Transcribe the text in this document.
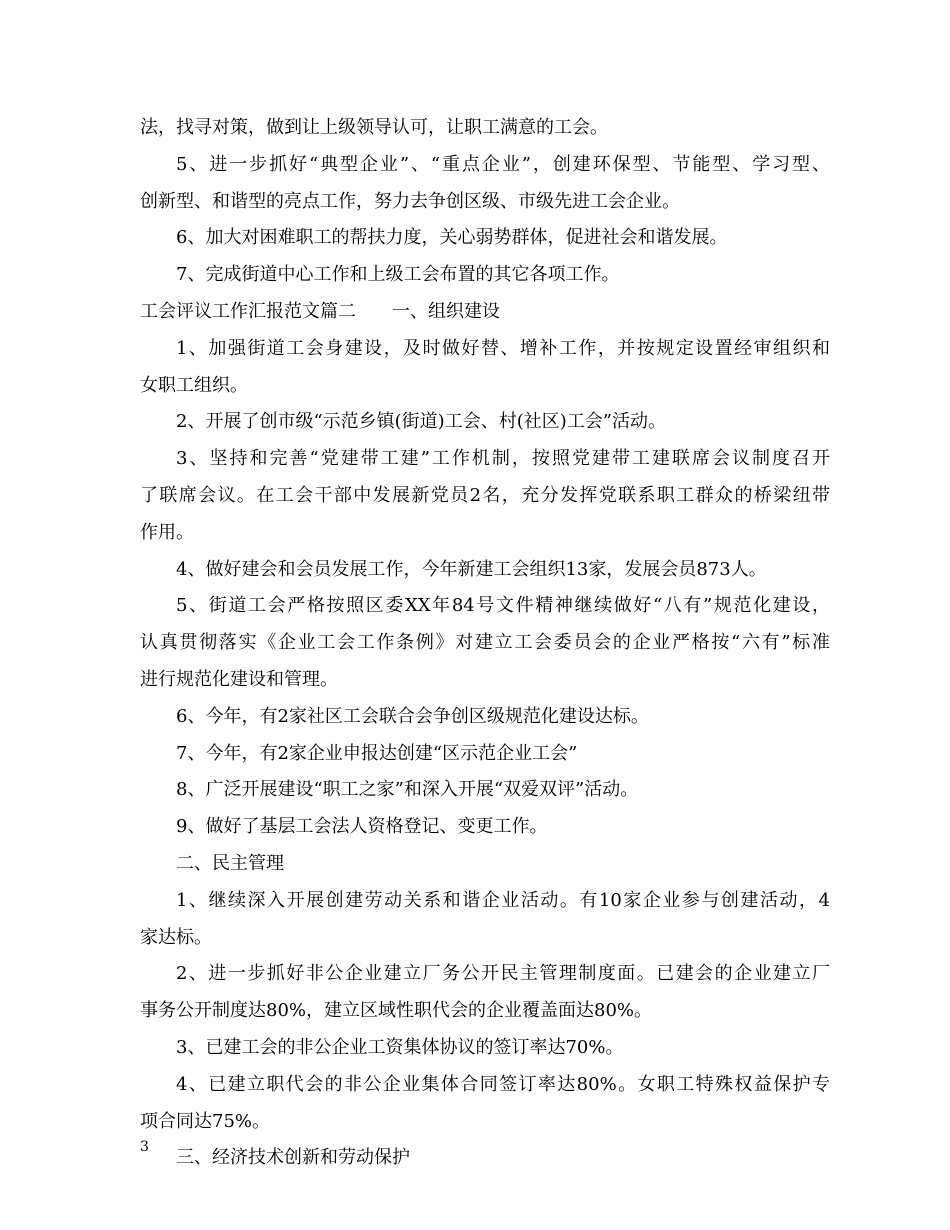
法，找寻对策，做到让上级领导认可，让职工满意的工会。
5、进一步抓好“典型企业”、“重点企业”，创建环保型、节能型、学习型、
创新型、和谐型的亮点工作，努力去争创区级、市级先进工会企业。
6、加大对困难职工的帮扶力度，关心弱势群体，促进社会和谐发展。
7、完成街道中心工作和上级工会布置的其它各项工作。
工会评议工作汇报范文篇二　　一、组织建设
1、加强街道工会身建设，及时做好替、增补工作，并按规定设置经审组织和
女职工组织。
2、开展了创市级“示范乡镇(街道)工会、村(社区)工会”活动。
3、坚持和完善“党建带工建”工作机制，按照党建带工建联席会议制度召开
了联席会议。在工会干部中发展新党员2名，充分发挥党联系职工群众的桥梁纽带
作用。
4、做好建会和会员发展工作，今年新建工会组织13家，发展会员873人。
5、街道工会严格按照区委XX年84号文件精神继续做好“八有”规范化建设，
认真贯彻落实《企业工会工作条例》对建立工会委员会的企业严格按“六有”标准
进行规范化建设和管理。
6、今年，有2家社区工会联合会争创区级规范化建设达标。
7、今年，有2家企业申报达创建“区示范企业工会”
8、广泛开展建设“职工之家”和深入开展“双爱双评”活动。
9、做好了基层工会法人资格登记、变更工作。
二、民主管理
1、继续深入开展创建劳动关系和谐企业活动。有10家企业参与创建活动，4
家达标。
2、进一步抓好非公企业建立厂务公开民主管理制度面。已建会的企业建立厂
事务公开制度达80%，建立区域性职代会的企业覆盖面达80%。
3、已建工会的非公企业工资集体协议的签订率达70%。
4、已建立职代会的非公企业集体合同签订率达80%。女职工特殊权益保护专
项合同达75%。
三、经济技术创新和劳动保护
3
